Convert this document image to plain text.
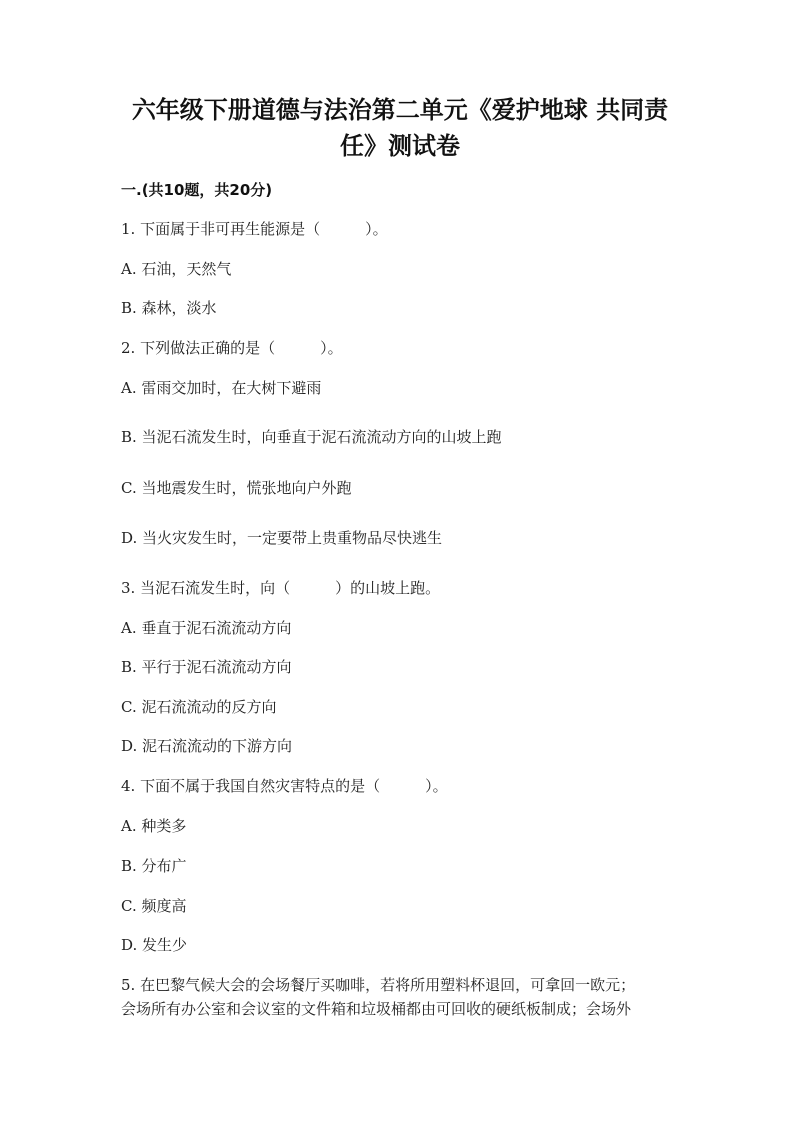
六年级下册道德与法治第二单元《爱护地球 共同责
任》测试卷
一.(共10题，共20分)
1. 下面属于非可再生能源是（　　　）。
A. 石油，天然气
B. 森林，淡水
2. 下列做法正确的是（　　　）。
A. 雷雨交加时，在大树下避雨
B. 当泥石流发生时，向垂直于泥石流流动方向的山坡上跑
C. 当地震发生时，慌张地向户外跑
D. 当火灾发生时，一定要带上贵重物品尽快逃生
3. 当泥石流发生时，向（　　　）的山坡上跑。
A. 垂直于泥石流流动方向
B. 平行于泥石流流动方向
C. 泥石流流动的反方向
D. 泥石流流动的下游方向
4. 下面不属于我国自然灾害特点的是（　　　）。
A. 种类多
B. 分布广
C. 频度高
D. 发生少
5. 在巴黎气候大会的会场餐厅买咖啡，若将所用塑料杯退回，可拿回一欧元；
会场所有办公室和会议室的文件箱和垃圾桶都由可回收的硬纸板制成；会场外
